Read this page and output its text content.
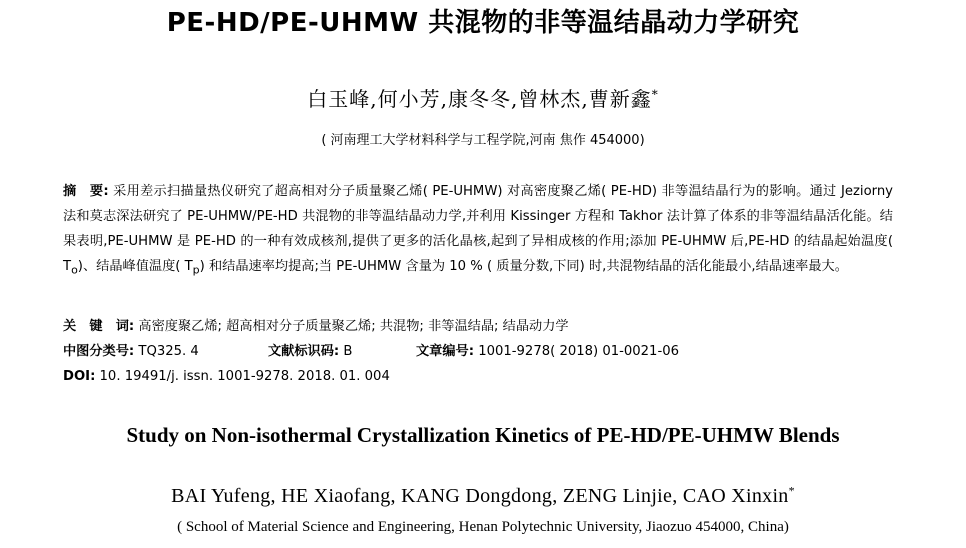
PE-HD/PE-UHMW 共混物的非等温结晶动力学研究
白玉峰,何小芳,康冬冬,曾林杰,曹新鑫*
( 河南理工大学材料科学与工程学院,河南 焦作 454000)
摘　要: 采用差示扫描量热仪研究了超高相对分子质量聚乙烯( PE-UHMW) 对高密度聚乙烯( PE-HD) 非等温结晶行为的影响。通过 Jeziorny 法和莫志深法研究了 PE-UHMW/PE-HD 共混物的非等温结晶动力学,并利用 Kissinger 方程和 Takhor 法计算了体系的非等温结晶活化能。结果表明,PE-UHMW 是 PE-HD 的一种有效成核剂,提供了更多的活化晶核,起到了异相成核的作用;添加 PE-UHMW 后,PE-HD 的结晶起始温度( $T_o$)、结晶峰值温度( $T_p$) 和结晶速率均提高;当 PE-UHMW 含量为 10 % ( 质量分数,下同) 时,共混物结晶的活化能最小,结晶速率最大。
关　键　词: 高密度聚乙烯; 超高相对分子质量聚乙烯; 共混物; 非等温结晶; 结晶动力学
中图分类号: TQ325. 4	文献标识码: B	文章编号: 1001-9278( 2018) 01-0021-06
DOI: 10. 19491/j. issn. 1001-9278. 2018. 01. 004
Study on Non-isothermal Crystallization Kinetics of PE-HD/PE-UHMW Blends
BAI Yufeng, HE Xiaofang, KANG Dongdong, ZENG Linjie, CAO Xinxin*
( School of Material Science and Engineering, Henan Polytechnic University, Jiaozuo 454000, China)
